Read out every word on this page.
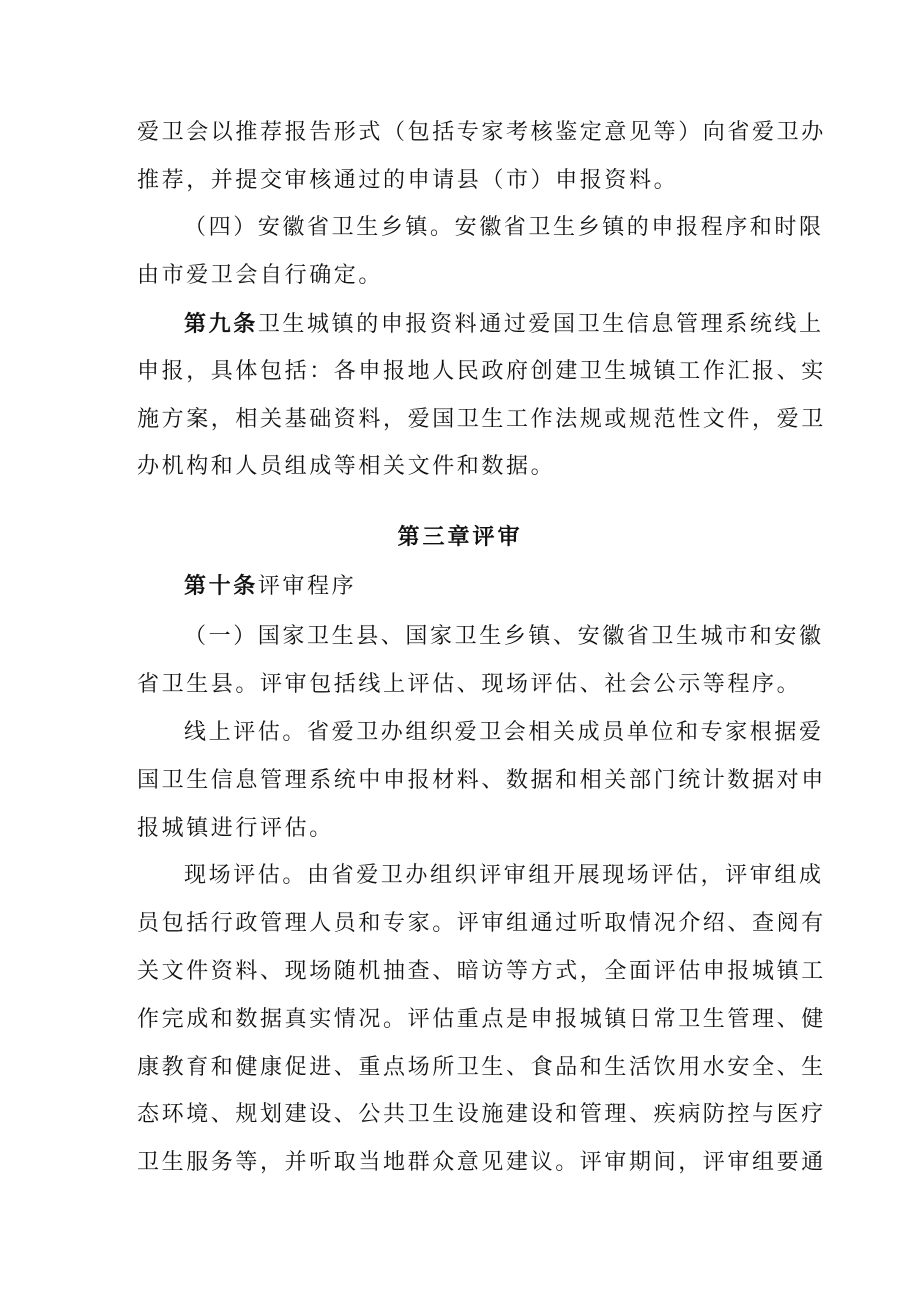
爱卫会以推荐报告形式（包括专家考核鉴定意见等）向省爱卫办
推荐，并提交审核通过的申请县（市）申报资料。
（四）安徽省卫生乡镇。安徽省卫生乡镇的申报程序和时限
由市爱卫会自行确定。
第九条卫生城镇的申报资料通过爱国卫生信息管理系统线上
申报，具体包括：各申报地人民政府创建卫生城镇工作汇报、实
施方案，相关基础资料，爱国卫生工作法规或规范性文件，爱卫
办机构和人员组成等相关文件和数据。
第三章评审
第十条评审程序
（一）国家卫生县、国家卫生乡镇、安徽省卫生城市和安徽
省卫生县。评审包括线上评估、现场评估、社会公示等程序。
线上评估。省爱卫办组织爱卫会相关成员单位和专家根据爱
国卫生信息管理系统中申报材料、数据和相关部门统计数据对申
报城镇进行评估。
现场评估。由省爱卫办组织评审组开展现场评估，评审组成
员包括行政管理人员和专家。评审组通过听取情况介绍、查阅有
关文件资料、现场随机抽查、暗访等方式，全面评估申报城镇工
作完成和数据真实情况。评估重点是申报城镇日常卫生管理、健
康教育和健康促进、重点场所卫生、食品和生活饮用水安全、生
态环境、规划建设、公共卫生设施建设和管理、疾病防控与医疗
卫生服务等，并听取当地群众意见建议。评审期间，评审组要通
